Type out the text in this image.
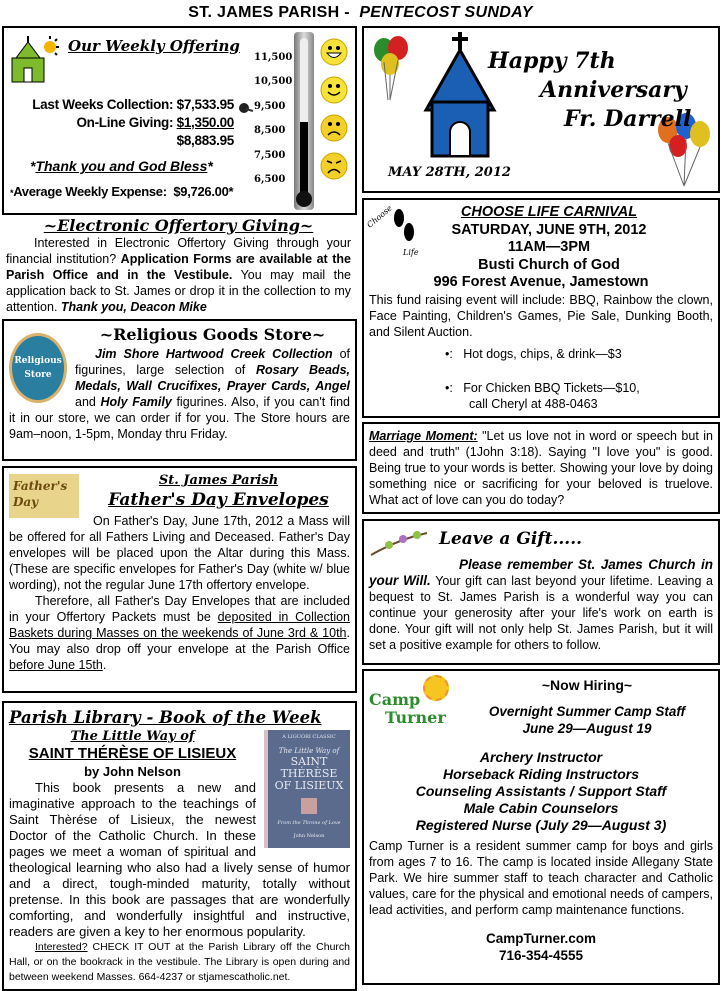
ST. JAMES PARISH -  PENTECOST SUNDAY
Our Weekly Offering
Last Weeks Collection: $7,533.95
On-Line Giving: $1,350.00
$8,883.95
*Thank you and God Bless*
*Average Weekly Expense: $9,726.00*
11,500
10,500
9,500
8,500
7,500
6,500
~Electronic Offertory Giving~
Interested in Electronic Offertory Giving through your financial institution? Application Forms are available at the Parish Office and in the Vestibule. You may mail the application back to St. James or drop it in the collection to my attention. Thank you, Deacon Mike
Religious
Store
~Religious Goods Store~
Jim Shore Hartwood Creek Collection of figurines, large selection of Rosary Beads, Medals, Wall Crucifixes, Prayer Cards, Angel and Holy Family figurines. Also, if you can't find it in our store, we can order if for you. The Store hours are 9am–noon, 1-5pm, Monday thru Friday.
Father's Day
St. James Parish
Father's Day Envelopes

On Father's Day, June 17th, 2012 a Mass will be offered for all Fathers Living and Deceased. Father's Day envelopes will be placed upon the Altar during this Mass. (These are specific envelopes for Father's Day (white w/ blue wording), not the regular June 17th offertory envelope.

Therefore, all Father's Day Envelopes that are included in your Offertory Packets must be deposited in Collection Baskets during Masses on the weekends of June 3rd & 10th. You may also drop off your envelope at the Parish Office before June 15th.

Parish Library - Book of the Week
A LIGUORI CLASSIC
The Little Way of
SAINT
THÉRÈSE
OF LISIEUX
From the Throne of Love
John Nelson
The Little Way of
SAINT THÉRÈSE OF LISIEUX
by John Nelson

This book presents a new and imaginative approach to the teachings of Saint Thèrése of Lisieux, the newest Doctor of the Catholic Church. In these pages we meet a woman of spiritual and theological learning who also had a lively sense of humor and a direct, tough-minded maturity, totally without pretense. In this book are passages that are wonderfully comforting, and wonderfully insightful and instructive, readers are given a key to her enormous popularity.

Interested? CHECK IT OUT at the Parish Library off the Church Hall, or on the bookrack in the vestibule. The Library is open during and between weekend Masses. 664-4237 or stjamescatholic.net.

Happy 7th
Anniversary
Fr. Darrell
MAY 28TH, 2012
Choose
Life
CHOOSE LIFE CARNIVAL
SATURDAY, JUNE 9TH, 2012
11AM—3PM
Busti Church of God
996 Forest Avenue, Jamestown

This fund raising event will include: BBQ, Rainbow the clown, Face Painting, Children's Games, Pie Sale, Dunking Booth, and Silent Auction.

•:   Hot dogs, chips, & drink—$3
•:   For Chicken BBQ Tickets—$10,
call Cheryl at 488-0463

Marriage Moment: "Let us love not in word or speech but in deed and truth" (1John 3:18). Saying "I love you" is good. Being true to your words is better. Showing your love by doing something nice or sacrificing for your beloved is truelove. What act of love can you do today?

Leave a Gift.....

Please remember St. James Church in your Will. Your gift can last beyond your lifetime. Leaving a bequest to St. James Parish is a wonderful way you can continue your generosity after your life's work on earth is done. Your gift will not only help St. James Parish, but it will set a positive example for others to follow.

Camp
Turner
~Now Hiring~
Overnight Summer Camp Staff
June 29—August 19
Archery Instructor
Horseback Riding Instructors
Counseling Assistants / Support Staff
Male Cabin Counselors
Registered Nurse (July 29—August 3)

Camp Turner is a resident summer camp for boys and girls from ages 7 to 16. The camp is located inside Allegany State Park. We hire summer staff to teach character and Catholic values, care for the physical and emotional needs of campers, lead activities, and perform camp maintenance functions.

CampTurner.com
716-354-4555
